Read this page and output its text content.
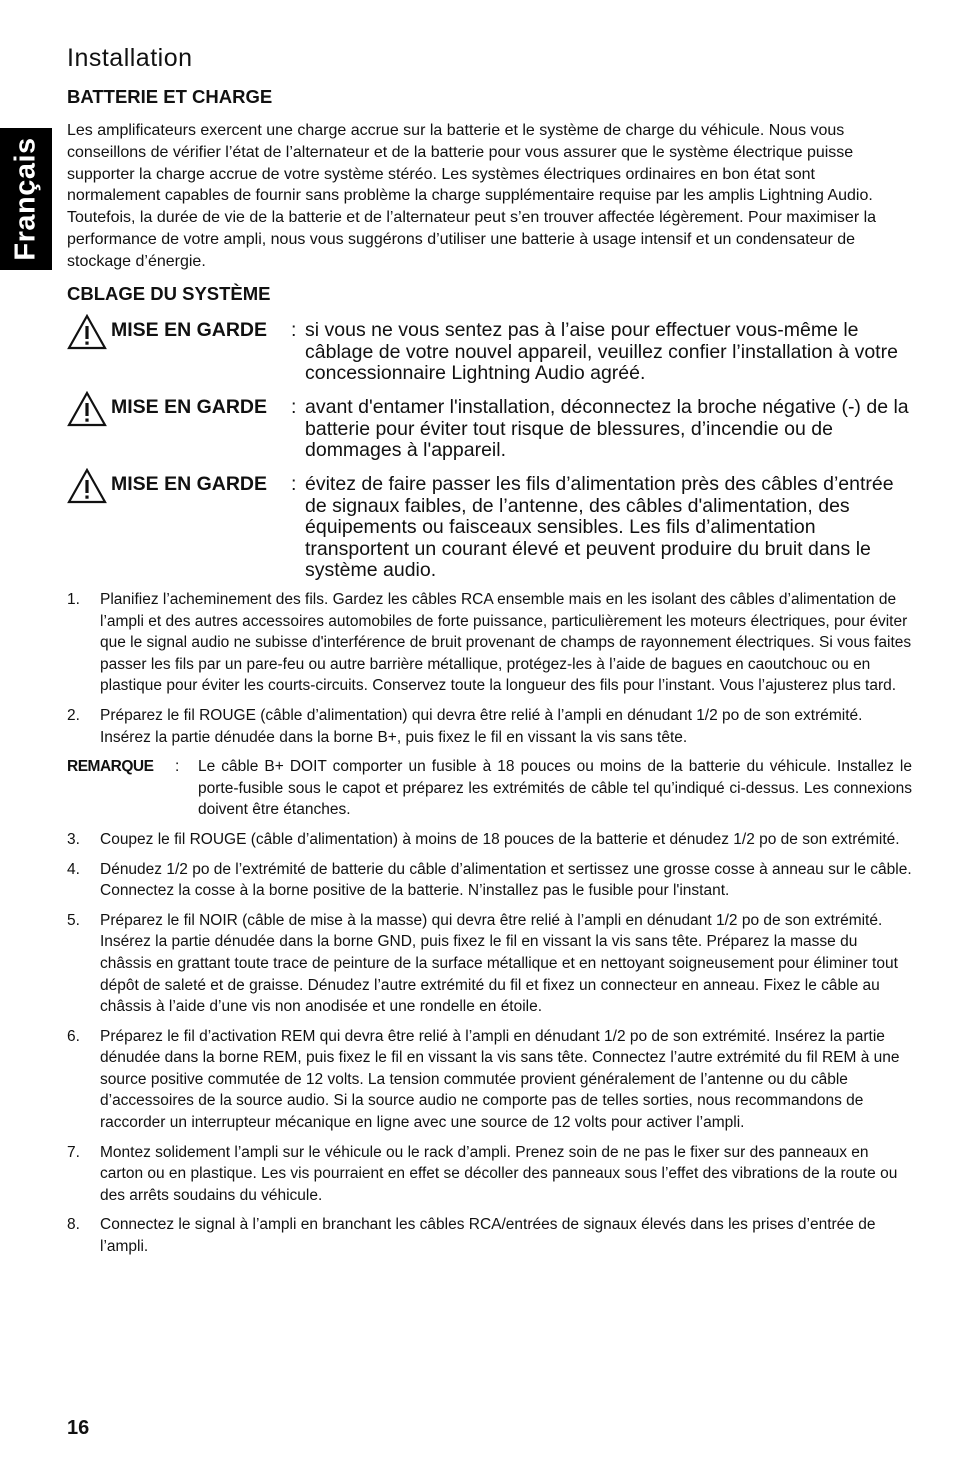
Français
Installation
BATTERIE ET CHARGE

Les amplificateurs exercent une charge accrue sur la batterie et le système de charge du véhicule. Nous vous conseillons de vérifier l’état de l’alternateur et de la batterie pour vous assurer que le système électrique puisse supporter la charge accrue de votre système stéréo. Les systèmes électriques ordinaires en bon état sont normalement capables de fournir sans problème la charge supplémentaire requise par les amplis Lightning Audio. Toutefois, la durée de vie de la batterie et de l’alternateur peut s’en trouver affectée légèrement. Pour maximiser la performance de votre ampli, nous vous suggérons d’utiliser une batterie à usage intensif et un condensateur de stockage d’énergie.

CBLAGE DU SYSTÈME
MISE EN GARDE : si vous ne vous sentez pas à l’aise pour effectuer vous-même le câblage de votre nouvel appareil, veuillez confier l’installation à votre concessionnaire Lightning Audio agréé.
MISE EN GARDE : avant d'entamer l'installation, déconnectez la broche négative (-) de la batterie pour éviter tout risque de blessures, d’incendie ou de dommages à l'appareil.
MISE EN GARDE : évitez de faire passer les fils d’alimentation près des câbles d’entrée de signaux faibles, de l’antenne, des câbles d'alimentation, des équipements ou faisceaux sensibles. Les fils d’alimentation transportent un courant élevé et peuvent produire du bruit dans le système audio.
1. Planifiez l’acheminement des fils. Gardez les câbles RCA ensemble mais en les isolant des câbles d’alimentation de l’ampli et des autres accessoires automobiles de forte puissance, particulièrement les moteurs électriques, pour éviter que le signal audio ne subisse d'interférence de bruit provenant de champs de rayonnement électriques. Si vous faites passer les fils par un pare-feu ou autre barrière métallique, protégez-les à l’aide de bagues en caoutchouc ou en plastique pour éviter les courts-circuits. Conservez toute la longueur des fils pour l’instant. Vous l’ajusterez plus tard.
2. Préparez le fil ROUGE (câble d’alimentation) qui devra être relié à l’ampli en dénudant 1/2 po de son extrémité. Insérez la partie dénudée dans la borne B+, puis fixez le fil en vissant la vis sans tête.
REMARQUE : Le câble B+ DOIT comporter un fusible à 18 pouces ou moins de la batterie du véhicule. Installez le porte-fusible sous le capot et préparez les extrémités de câble tel qu’indiqué ci-dessus. Les connexions doivent être étanches.
3. Coupez le fil ROUGE (câble d’alimentation) à moins de 18 pouces de la batterie et dénudez 1/2 po de son extrémité.
4. Dénudez 1/2 po de l’extrémité de batterie du câble d’alimentation et sertissez une grosse cosse à anneau sur le câble. Connectez la cosse à la borne positive de la batterie. N’installez pas le fusible pour l'instant.
5. Préparez le fil NOIR (câble de mise à la masse) qui devra être relié à l’ampli en dénudant 1/2 po de son extrémité. Insérez la partie dénudée dans la borne GND, puis fixez le fil en vissant la vis sans tête. Préparez la masse du châssis en grattant toute trace de peinture de la surface métallique et en nettoyant soigneusement pour éliminer tout dépôt de saleté et de graisse. Dénudez l’autre extrémité du fil et fixez un connecteur en anneau. Fixez le câble au châssis à l’aide d’une vis non anodisée et une rondelle en étoile.
6. Préparez le fil d’activation REM qui devra être relié à l’ampli en dénudant 1/2 po de son extrémité. Insérez la partie dénudée dans la borne REM, puis fixez le fil en vissant la vis sans tête. Connectez l’autre extrémité du fil REM à une source positive commutée de 12 volts. La tension commutée provient généralement de l’antenne ou du câble d’accessoires de la source audio. Si la source audio ne comporte pas de telles sorties, nous recommandons de raccorder un interrupteur mécanique en ligne avec une source de 12 volts pour activer l’ampli.
7. Montez solidement l’ampli sur le véhicule ou le rack d’ampli. Prenez soin de ne pas le fixer sur des panneaux en carton ou en plastique. Les vis pourraient en effet se décoller des panneaux sous l’effet des vibrations de la route ou des arrêts soudains du véhicule.
8. Connectez le signal à l’ampli en branchant les câbles RCA/entrées de signaux élevés dans les prises d’entrée de l’ampli.
16
